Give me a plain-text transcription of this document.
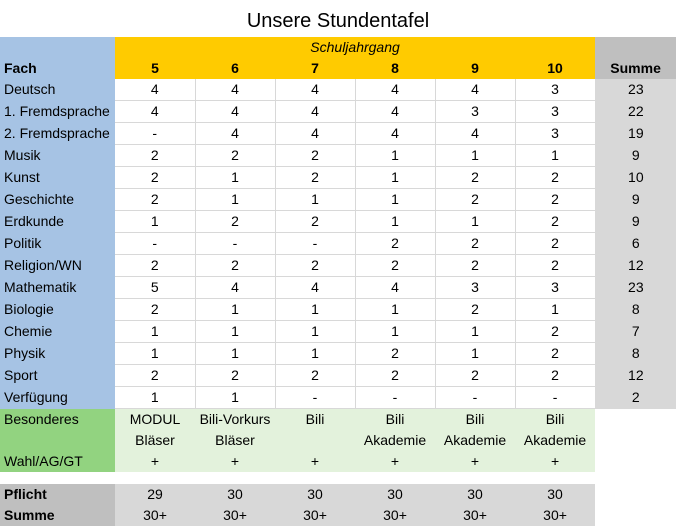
Unsere Stundentafel
	Schuljahrgang						
Fach	5	6	7	8	9	10	Summe
Deutsch	4	4	4	4	4	3	23
1. Fremdsprache	4	4	4	4	3	3	22
2. Fremdsprache	-	4	4	4	4	3	19
Musik	2	2	2	1	1	1	9
Kunst	2	1	2	1	2	2	10
Geschichte	2	1	1	1	2	2	9
Erdkunde	1	2	2	1	1	2	9
Politik	-	-	-	2	2	2	6
Religion/WN	2	2	2	2	2	2	12
Mathematik	5	4	4	4	3	3	23
Biologie	2	1	1	1	2	1	8
Chemie	1	1	1	1	1	2	7
Physik	1	1	1	2	1	2	8
Sport	2	2	2	2	2	2	12
Verfügung	1	1	-	-	-	-	2
Besonderes	MODUL	Bili-Vorkurs	Bili	Bili	Bili	Bili	
	Bläser	Bläser		Akademie	Akademie	Akademie	
Wahl/AG/GT	+	+	+	+	+	+	

Pflicht	29	30	30	30	30	30	
Summe	30+	30+	30+	30+	30+	30+	
